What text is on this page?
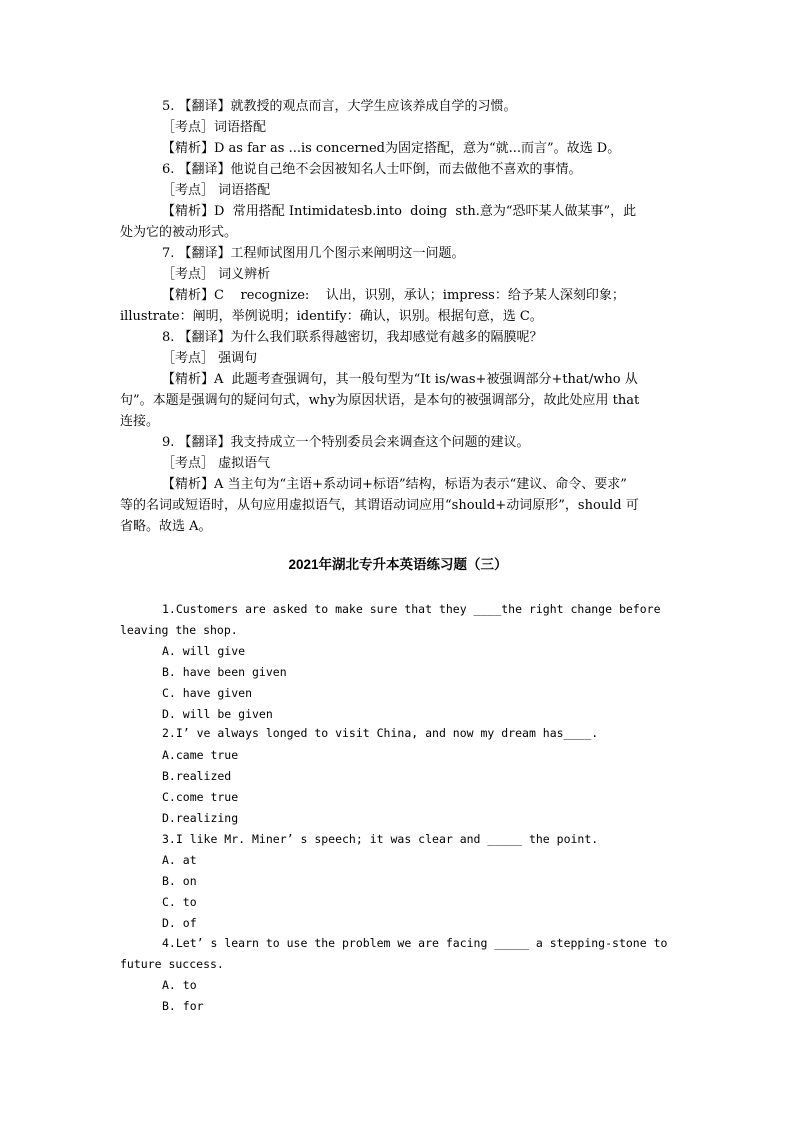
5. 【翻译】就教授的观点而言，大学生应该养成自学的习惯。
［考点］词语搭配
【精析】D as far as ...is concerned为固定搭配，意为“就...而言”。故选 D。
6. 【翻译】他说自己绝不会因被知名人士吓倒，而去做他不喜欢的事情。
［考点］ 词语搭配
【精析】D  常用搭配 Intimidatesb.into  doing  sth.意为“恐吓某人做某事”，此
处为它的被动形式。
7. 【翻译】工程师试图用几个图示来阐明这一问题。
［考点］ 词义辨析
【精析】C    recognize:    认出，识别，承认；impress：给予某人深刻印象；
illustrate：阐明，举例说明；identify：确认，识别。根据句意，选 C。
8. 【翻译】为什么我们联系得越密切，我却感觉有越多的隔膜呢？
［考点］ 强调句
【精析】A  此题考查强调句，其一般句型为“It is/was+被强调部分+that/who 从
句”。本题是强调句的疑问句式，why为原因状语，是本句的被强调部分，故此处应用 that
连接。
9. 【翻译】我支持成立一个特别委员会来调查这个问题的建议。
［考点］ 虚拟语气
【精析】A 当主句为“主语+系动词+标语”结构，标语为表示“建议、命令、要求”
等的名词或短语时，从句应用虚拟语气，其谓语动词应用“should+动词原形”，should 可
省略。故选 A。
2021年湖北专升本英语练习题（三）
1.Customers are asked to make sure that they ____the right change before
leaving the shop.
A. will give
B. have been given
C. have given
D. will be given
2.I’ ve always longed to visit China, and now my dream has____.
A.came true
B.realized
C.come true
D.realizing
3.I like Mr. Miner’ s speech; it was clear and _____ the point.
A. at
B. on
C. to
D. of
4.Let’ s learn to use the problem we are facing _____ a stepping-stone to
future success.
A. to
B. for
